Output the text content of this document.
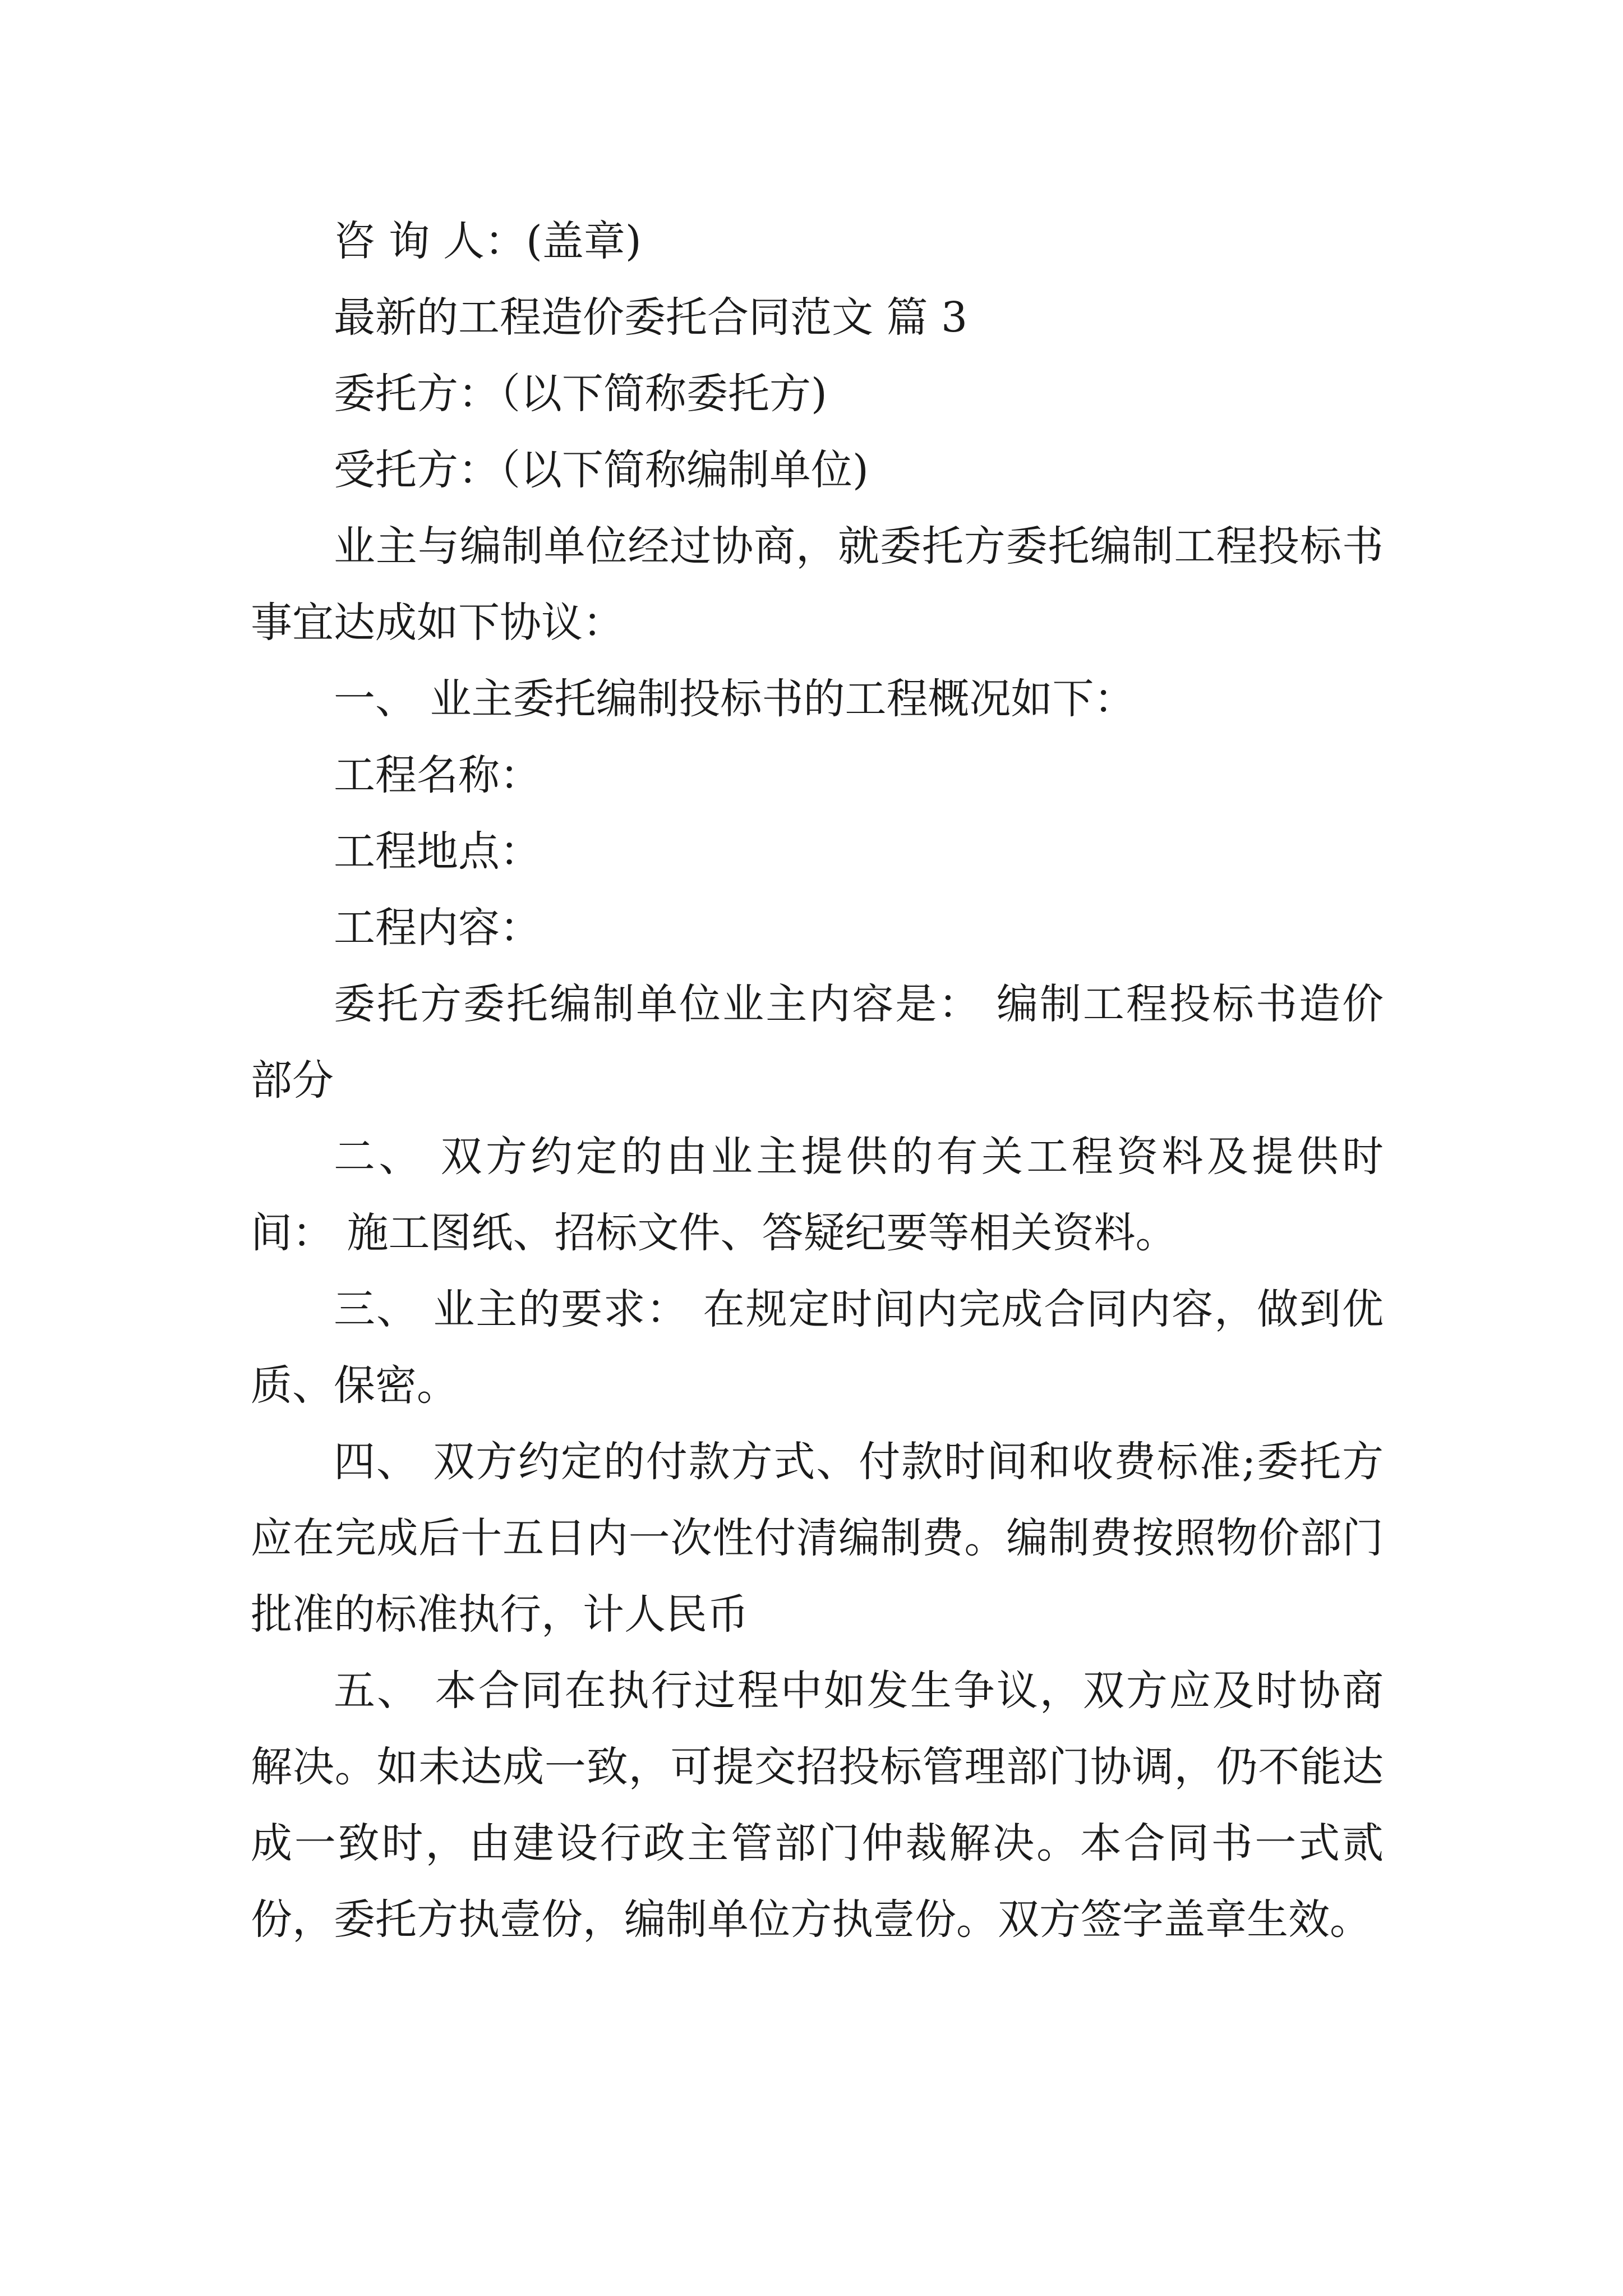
咨 询 人：(盖章)

最新的工程造价委托合同范文 篇 3

委托方：（以下简称委托方)

受托方：（以下简称编制单位)

业主与编制单位经过协商，就委托方委托编制工程投标书事宜达成如下协议：

一、 业主委托编制投标书的工程概况如下：

工程名称：

工程地点：

工程内容：

委托方委托编制单位业主内容是： 编制工程投标书造价部分

二、 双方约定的由业主提供的有关工程资料及提供时间： 施工图纸、招标文件、答疑纪要等相关资料。

三、 业主的要求： 在规定时间内完成合同内容，做到优质、保密。

四、 双方约定的付款方式、付款时间和收费标准;委托方应在完成后十五日内一次性付清编制费。编制费按照物价部门批准的标准执行，计人民币

五、 本合同在执行过程中如发生争议，双方应及时协商解决。如未达成一致，可提交招投标管理部门协调，仍不能达成一致时，由建设行政主管部门仲裁解决。本合同书一式贰份，委托方执壹份，编制单位方执壹份。双方签字盖章生效。
